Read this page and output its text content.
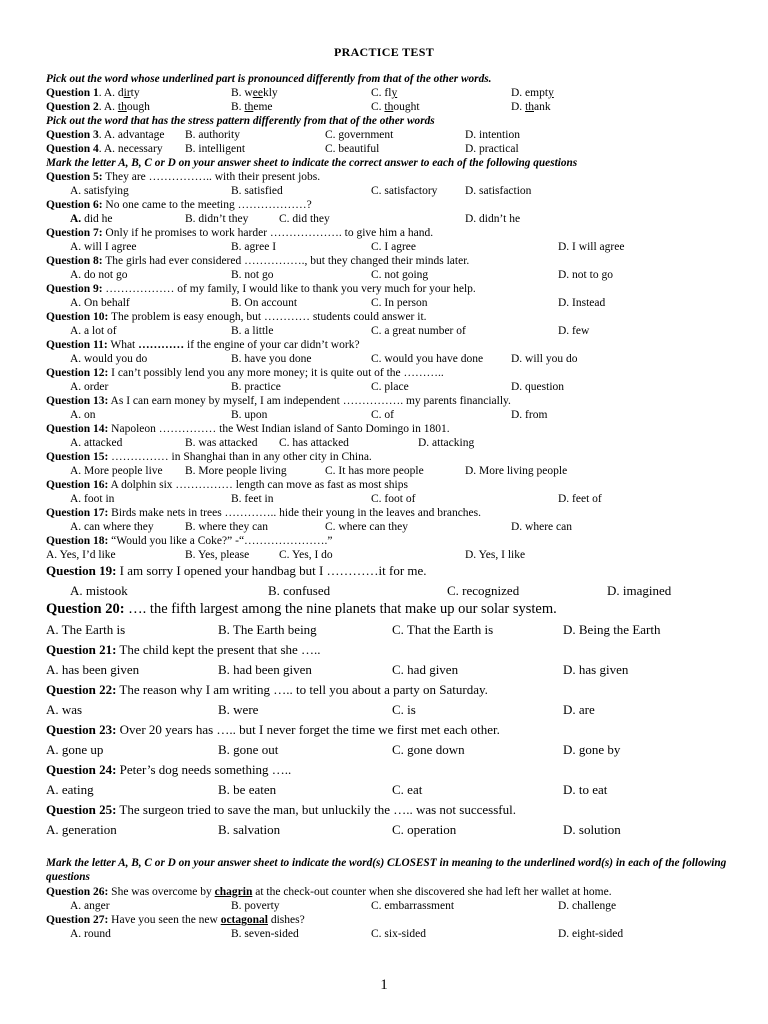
PRACTICE TEST
Pick out the word whose underlined part is pronounced differently from that of the other words.
Pick out the word that has the stress pattern differently from that of the other words
Mark the letter A, B, C or D on your answer sheet to indicate the correct answer to each of the following questions
Mark the letter A, B, C or D on your answer sheet to indicate the word(s) CLOSEST in meaning to the underlined word(s) in each of the following questions
Question 1. A. dirty	B. weekly	C. fly	D. empty
Question 2. A. though	B. theme	C. thought	D. thank
Question 3. A. advantage B. authority	C. government	D. intention
Question 4. A. necessary B. intelligent	C. beautiful	D. practical
Question 5: They are …………….. with their present jobs.
A. satisfying	B. satisfied	C. satisfactory D. satisfaction
Question 6: No one came to the meeting ………………?
A. did he	B. didn’t they	C. did they	D. didn’t he
Question 7: Only if he promises to work harder ………………. to give him a hand.
A. will I agree	B. agree I	C. I agree	D. I will agree
Question 8: The girls had ever considered ……………., but they changed their minds later.
A. do not go	B. not go	C. not going	D. not to go
Question 9: ……………… of my family, I would like to thank you very much for your help.
A. On behalf	B. On account	C. In person	D. Instead
Question 10: The problem is easy enough, but ………… students could answer it.
A. a lot of	B. a little	C. a great number of	D. few
Question 11: What ………… if the engine of your car didn’t work?
A. would you do	B. have you done	C. would you have done D. will you do
Question 12: I can’t possibly lend you any more money; it is quite out of the ………..
A. order	B. practice	C. place	D. question
Question 13: As I can earn money by myself, I am independent ……………. my parents financially.
A. on	B. upon	C. of	D. from
Question 14: Napoleon …………… the West Indian island of Santo Domingo in 1801.
A. attacked	B. was attacked C. has attacked	D. attacking
Question 15: …………… in Shanghai than in any other city in China.
A. More people live B. More people living	C. It has more people	D. More living people
Question 16: A dolphin six …………… length can move as fast as most ships
A. foot in	B. feet in	C. foot of	D. feet of
Question 17: Birds make nets in trees ………….. hide their young in the leaves and branches.
A. can where they	B. where they can	C. where can they	D. where can
Question 18: “Would you like a Coke?” -“………………….”
A. Yes, I’d like	B. Yes, please	C. Yes, I do	D. Yes, I like
Question 19: I am sorry I opened your handbag but I …………it for me.
A. mistook	B. confused	C. recognized	D. imagined
Question 20: …. the fifth largest among the nine planets that make up our solar system.
A. The Earth is	B. The Earth being	C. That the Earth is	D. Being the Earth
Question 21: The child kept the present that she …..
A. has been given	B. had been given	C. had given	D. has given
Question 22: The reason why I am writing ….. to tell you about a party on Saturday.
A. was	B. were	C. is	D. are
Question 23: Over 20 years has ….. but I never forget the time we first met each other.
A. gone up	B. gone out	C. gone down	D. gone by
Question 24: Peter’s dog needs something …..
A. eating	B. be eaten	C. eat	D. to eat
Question 25: The surgeon tried to save the man, but unluckily the ….. was not successful.
A. generation	B. salvation	C. operation	D. solution
Question 26: She was overcome by chagrin at the check-out counter when she discovered she had left her wallet at home.
A. anger	B. poverty	C. embarrassment	D. challenge
Question 27: Have you seen the new octagonal dishes?
A. round	B. seven-sided	C. six-sided	D. eight-sided
1
